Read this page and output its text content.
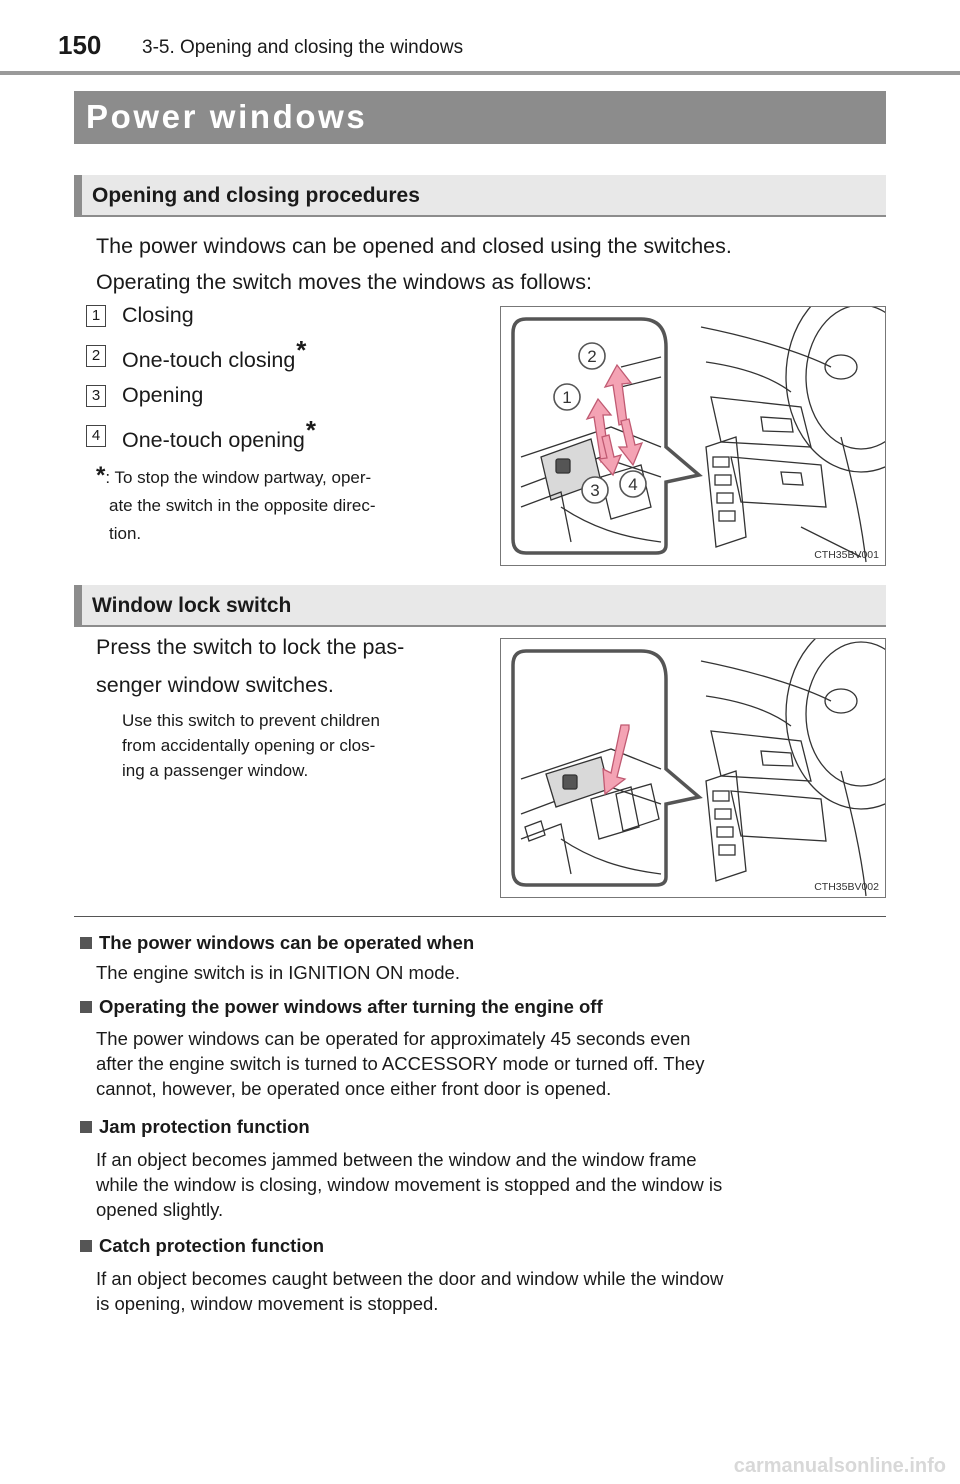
150 3-5. Opening and closing the windows
Power windows
Opening and closing procedures
The power windows can be opened and closed using the switches.
Operating the switch moves the windows as follows:
1 Closing
2 One-touch closing*
3 Opening
4 One-touch opening*
*: To stop the window partway, oper-
ate the switch in the opposite direc-
tion.
2
1
3 4
CTH35BV001
Window lock switch
Press the switch to lock the pas-
senger window switches.
Use this switch to prevent children
from accidentally opening or clos-
ing a passenger window.
CTH35BV002
The power windows can be operated when
The engine switch is in IGNITION ON mode.
Operating the power windows after turning the engine off
The power windows can be operated for approximately 45 seconds even
after the engine switch is turned to ACCESSORY mode or turned off. They
cannot, however, be operated once either front door is opened.
Jam protection function
If an object becomes jammed between the window and the window frame
while the window is closing, window movement is stopped and the window is
opened slightly.
Catch protection function
If an object becomes caught between the door and window while the window
is opening, window movement is stopped.
carmanualsonline.info
